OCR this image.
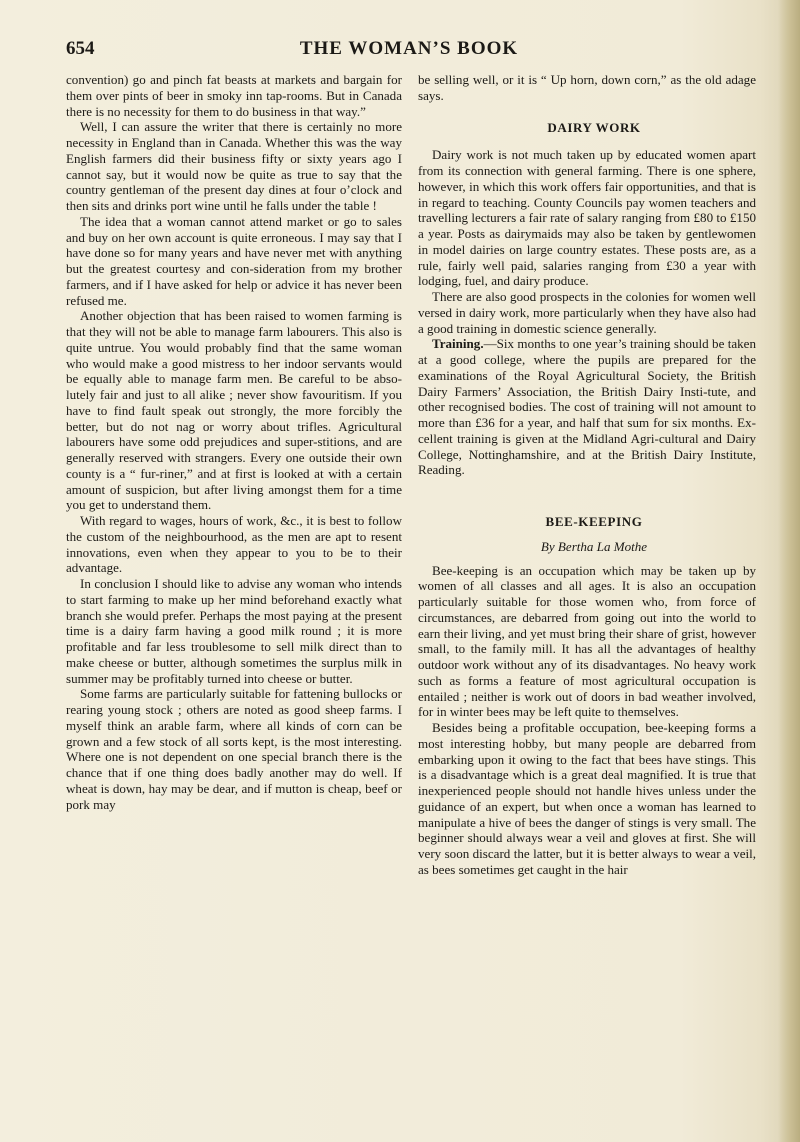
654	THE WOMAN’S BOOK

convention) go and pinch fat beasts at markets and bargain for them over pints of beer in smoky inn tap-rooms. But in Canada there is no necessity for them to do business in that way.”

Well, I can assure the writer that there is certainly no more necessity in England than in Canada. Whether this was the way English farmers did their business fifty or sixty years ago I cannot say, but it would now be quite as true to say that the country gentleman of the present day dines at four o’clock and then sits and drinks port wine until he falls under the table !

The idea that a woman cannot attend market or go to sales and buy on her own account is quite erroneous. I may say that I have done so for many years and have never met with anything but the greatest courtesy and con-sideration from my brother farmers, and if I have asked for help or advice it has never been refused me.

Another objection that has been raised to women farming is that they will not be able to manage farm labourers. This also is quite untrue. You would probably find that the same woman who would make a good mistress to her indoor servants would be equally able to manage farm men. Be careful to be abso-lutely fair and just to all alike ; never show favouritism. If you have to find fault speak out strongly, the more forcibly the better, but do not nag or worry about trifles. Agricultural labourers have some odd prejudices and super-stitions, and are generally reserved with strangers. Every one outside their own county is a “ fur-riner,” and at first is looked at with a certain amount of suspicion, but after living amongst them for a time you get to understand them.

With regard to wages, hours of work, &c., it is best to follow the custom of the neighbourhood, as the men are apt to resent innovations, even when they appear to you to be to their advantage.

In conclusion I should like to advise any woman who intends to start farming to make up her mind beforehand exactly what branch she would prefer. Perhaps the most paying at the present time is a dairy farm having a good milk round ; it is more profitable and far less troublesome to sell milk direct than to make cheese or butter, although sometimes the surplus milk in summer may be profitably turned into cheese or butter.

Some farms are particularly suitable for fattening bullocks or rearing young stock ; others are noted as good sheep farms. I myself think an arable farm, where all kinds of corn can be grown and a few stock of all sorts kept, is the most interesting. Where one is not dependent on one special branch there is the chance that if one thing does badly another may do well. If wheat is down, hay may be dear, and if mutton is cheap, beef or pork may

be selling well, or it is “ Up horn, down corn,” as the old adage says.

DAIRY WORK

Dairy work is not much taken up by educated women apart from its connection with general farming. There is one sphere, however, in which this work offers fair opportunities, and that is in regard to teaching. County Councils pay women teachers and travelling lecturers a fair rate of salary ranging from £80 to £150 a year. Posts as dairymaids may also be taken by gentlewomen in model dairies on large country estates. These posts are, as a rule, fairly well paid, salaries ranging from £30 a year with lodging, fuel, and dairy produce.

There are also good prospects in the colonies for women well versed in dairy work, more particularly when they have also had a good training in domestic science generally.

Training.—Six months to one year’s training should be taken at a good college, where the pupils are prepared for the examinations of the Royal Agricultural Society, the British Dairy Farmers’ Association, the British Dairy Insti-tute, and other recognised bodies. The cost of training will not amount to more than £36 for a year, and half that sum for six months. Ex-cellent training is given at the Midland Agri-cultural and Dairy College, Nottinghamshire, and at the British Dairy Institute, Reading.

BEE-KEEPING

By Bertha La Mothe

Bee-keeping is an occupation which may be taken up by women of all classes and all ages. It is also an occupation particularly suitable for those women who, from force of circumstances, are debarred from going out into the world to earn their living, and yet must bring their share of grist, however small, to the family mill. It has all the advantages of healthy outdoor work without any of its disadvantages. No heavy work such as forms a feature of most agricultural occupation is entailed ; neither is work out of doors in bad weather involved, for in winter bees may be left quite to themselves.

Besides being a profitable occupation, bee-keeping forms a most interesting hobby, but many people are debarred from embarking upon it owing to the fact that bees have stings. This is a disadvantage which is a great deal magnified. It is true that inexperienced people should not handle hives unless under the guidance of an expert, but when once a woman has learned to manipulate a hive of bees the danger of stings is very small. The beginner should always wear a veil and gloves at first. She will very soon discard the latter, but it is better always to wear a veil, as bees sometimes get caught in the hair
